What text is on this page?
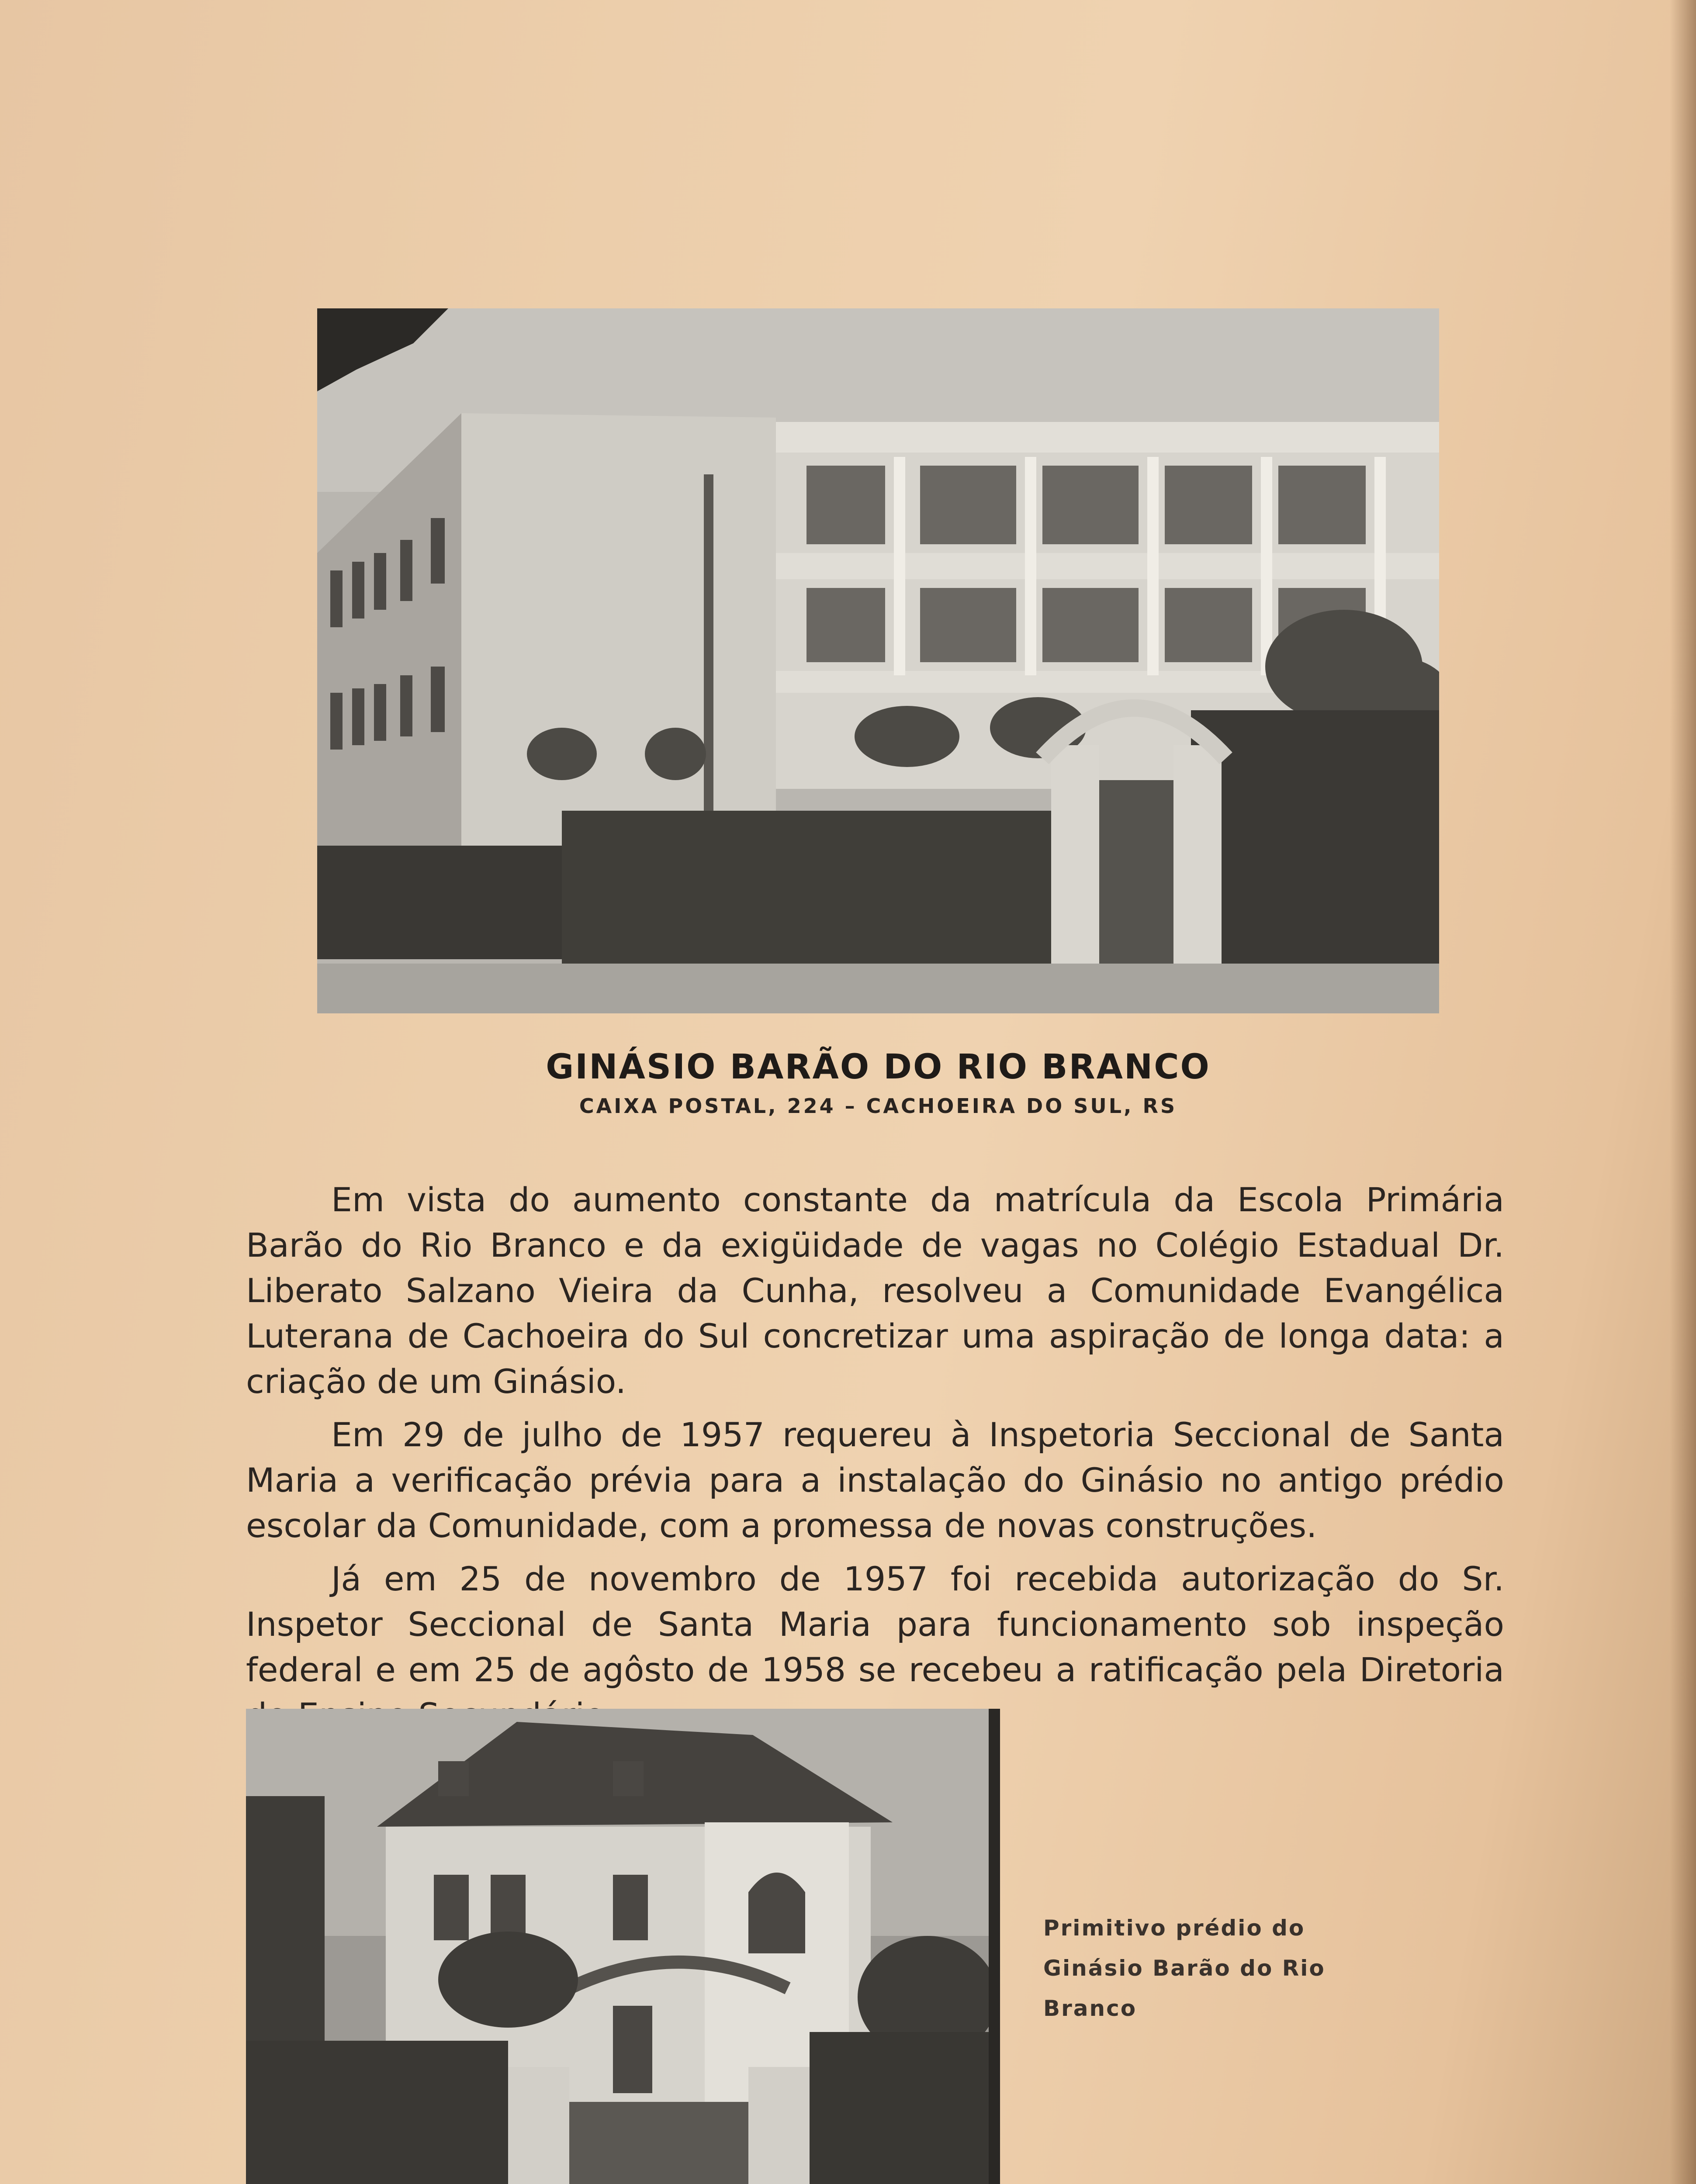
GINÁSIO BARÃO DO RIO BRANCO
CAIXA POSTAL, 224 – CACHOEIRA DO SUL, RS

Em vista do aumento constante da matrícula da Escola Primária Barão do Rio Branco e da exigüidade de vagas no Colégio Estadual Dr. Liberato Salzano Vieira da Cunha, resolveu a Comunidade Evangélica Luterana de Cachoeira do Sul concretizar uma aspiração de longa data: a criação de um Ginásio.

Em 29 de julho de 1957 requereu à Inspetoria Seccional de Santa Maria a verificação prévia para a instalação do Ginásio no antigo prédio escolar da Comunidade, com a promessa de novas construções.

Já em 25 de novembro de 1957 foi recebida autorização do Sr. Inspetor Seccional de Santa Maria para funcionamento sob inspeção federal e em 25 de agôsto de 1958 se recebeu a ratificação pela Diretoria

Primitivo prédio do Ginásio Barão do Rio Branco
